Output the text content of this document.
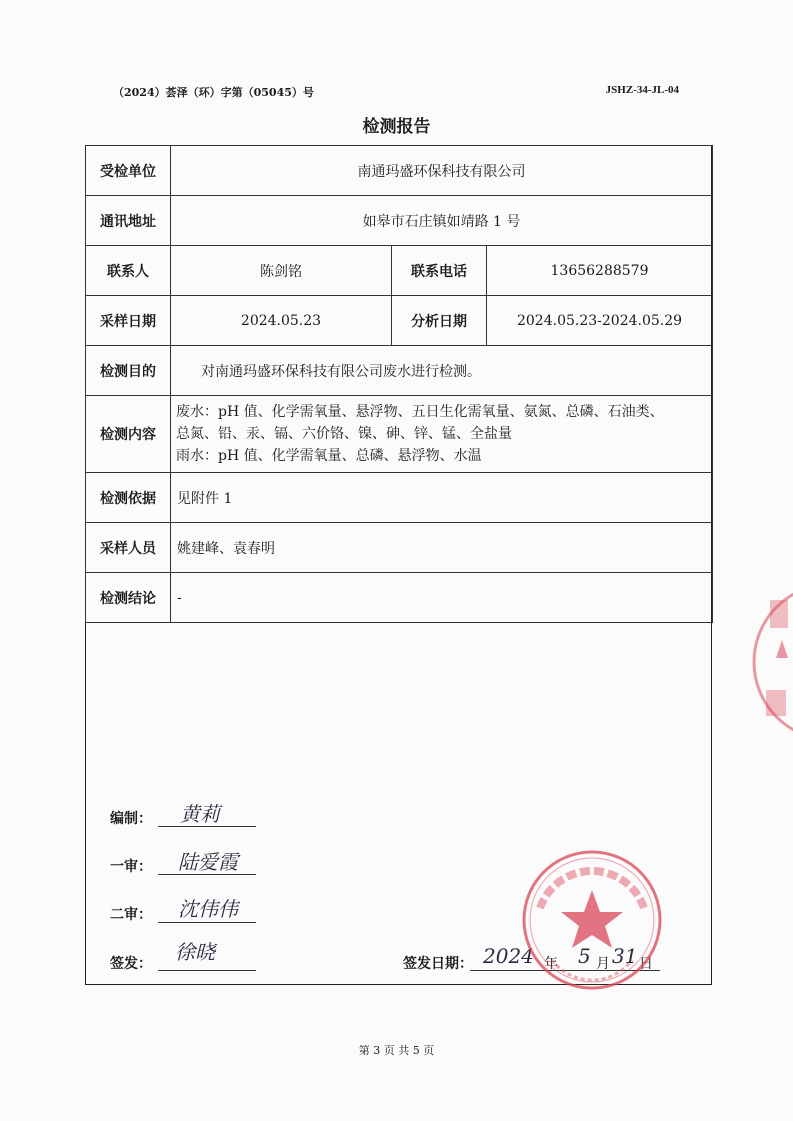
（2024）荟泽（环）字第（05045）号	JSHZ-34-JL-04
检测报告
受检单位	南通玛盛环保科技有限公司		
通讯地址	如皋市石庄镇如靖路 1 号		
联系人	陈剑铭	联系电话	13656288579
采样日期	2024.05.23	分析日期	2024.05.23-2024.05.29
检测目的	对南通玛盛环保科技有限公司废水进行检测。		
检测内容	废水：pH 值、化学需氧量、悬浮物、五日生化需氧量、氨氮、总磷、石油类、
总氮、铅、汞、镉、六价铬、镍、砷、锌、锰、全盐量
雨水：pH 值、化学需氧量、总磷、悬浮物、水温		

检测依据	见附件 1		
采样人员	姚建峰、袁春明		
检测结论	-		
编制： 黄莉
一审： 陆爱霞
二审： 沈伟伟
签发： 徐晓	签发日期： 2024 年 5 月 31 日
第 3 页 共 5 页
